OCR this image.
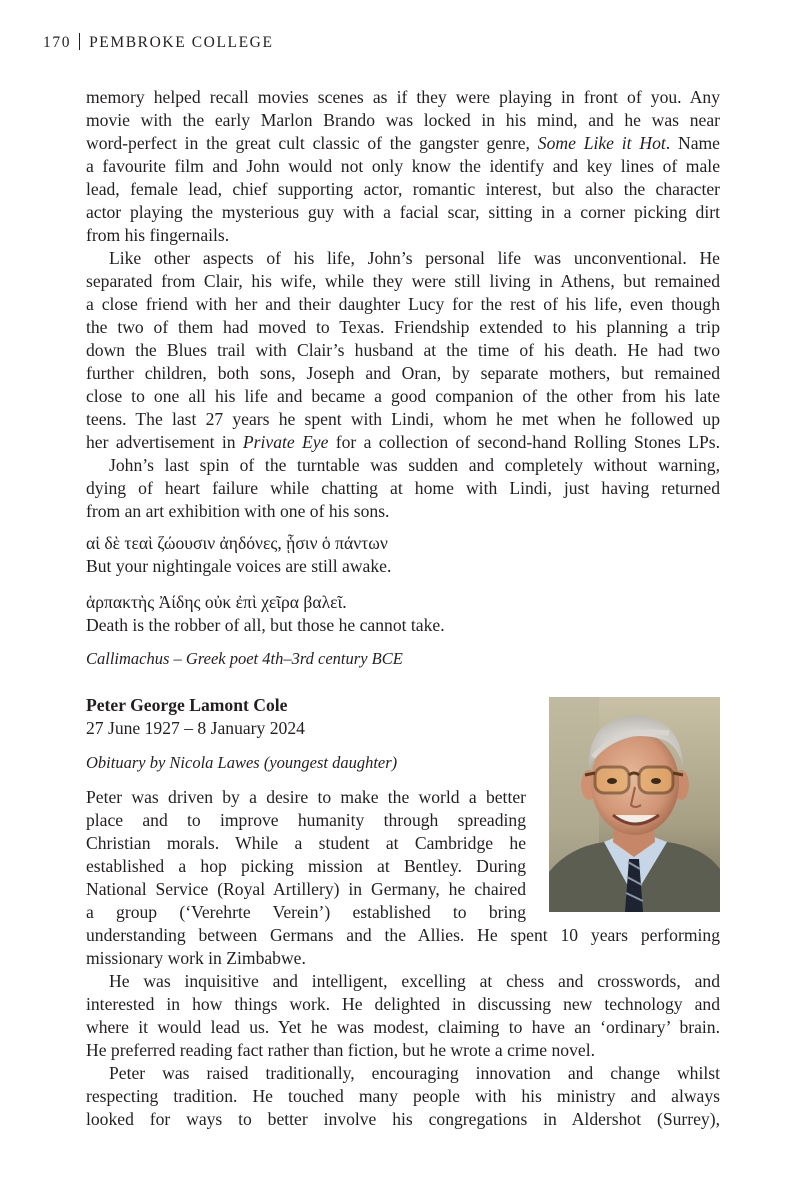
170 PEMBROKE COLLEGE
memory helped recall movies scenes as if they were playing in front of you. Any
movie with the early Marlon Brando was locked in his mind, and he was near
word-perfect in the great cult classic of the gangster genre, Some Like it Hot. Name
a favourite film and John would not only know the identify and key lines of male
lead, female lead, chief supporting actor, romantic interest, but also the character
actor playing the mysterious guy with a facial scar, sitting in a corner picking dirt
from his fingernails.
Like other aspects of his life, John’s personal life was unconventional. He
separated from Clair, his wife, while they were still living in Athens, but remained
a close friend with her and their daughter Lucy for the rest of his life, even though
the two of them had moved to Texas. Friendship extended to his planning a trip
down the Blues trail with Clair’s husband at the time of his death. He had two
further children, both sons, Joseph and Oran, by separate mothers, but remained
close to one all his life and became a good companion of the other from his late
teens. The last 27 years he spent with Lindi, whom he met when he followed up
her advertisement in Private Eye for a collection of second-hand Rolling Stones LPs.
John’s last spin of the turntable was sudden and completely without warning,
dying of heart failure while chatting at home with Lindi, just having returned
from an art exhibition with one of his sons.
αἱ δὲ τεαὶ ζώουσιν ἀηδόνες, ᾗσιν ὁ πάντων
But your nightingale voices are still awake.
ἁρπακτὴς Ἀίδης οὐκ ἐπὶ χεῖρα βαλεῖ.
Death is the robber of all, but those he cannot take.
Callimachus – Greek poet 4th–3rd century BCE
Peter George Lamont Cole
27 June 1927 – 8 January 2024
Obituary by Nicola Lawes (youngest daughter)
Peter was driven by a desire to make the world a better
place and to improve humanity through spreading
Christian morals. While a student at Cambridge he
established a hop picking mission at Bentley. During
National Service (Royal Artillery) in Germany, he chaired
a group (‘Verehrte Verein’) established to bring
understanding between Germans and the Allies. He spent 10 years performing
missionary work in Zimbabwe.
He was inquisitive and intelligent, excelling at chess and crosswords, and
interested in how things work. He delighted in discussing new technology and
where it would lead us. Yet he was modest, claiming to have an ‘ordinary’ brain.
He preferred reading fact rather than fiction, but he wrote a crime novel.
Peter was raised traditionally, encouraging innovation and change whilst
respecting tradition. He touched many people with his ministry and always
looked for ways to better involve his congregations in Aldershot (Surrey),
